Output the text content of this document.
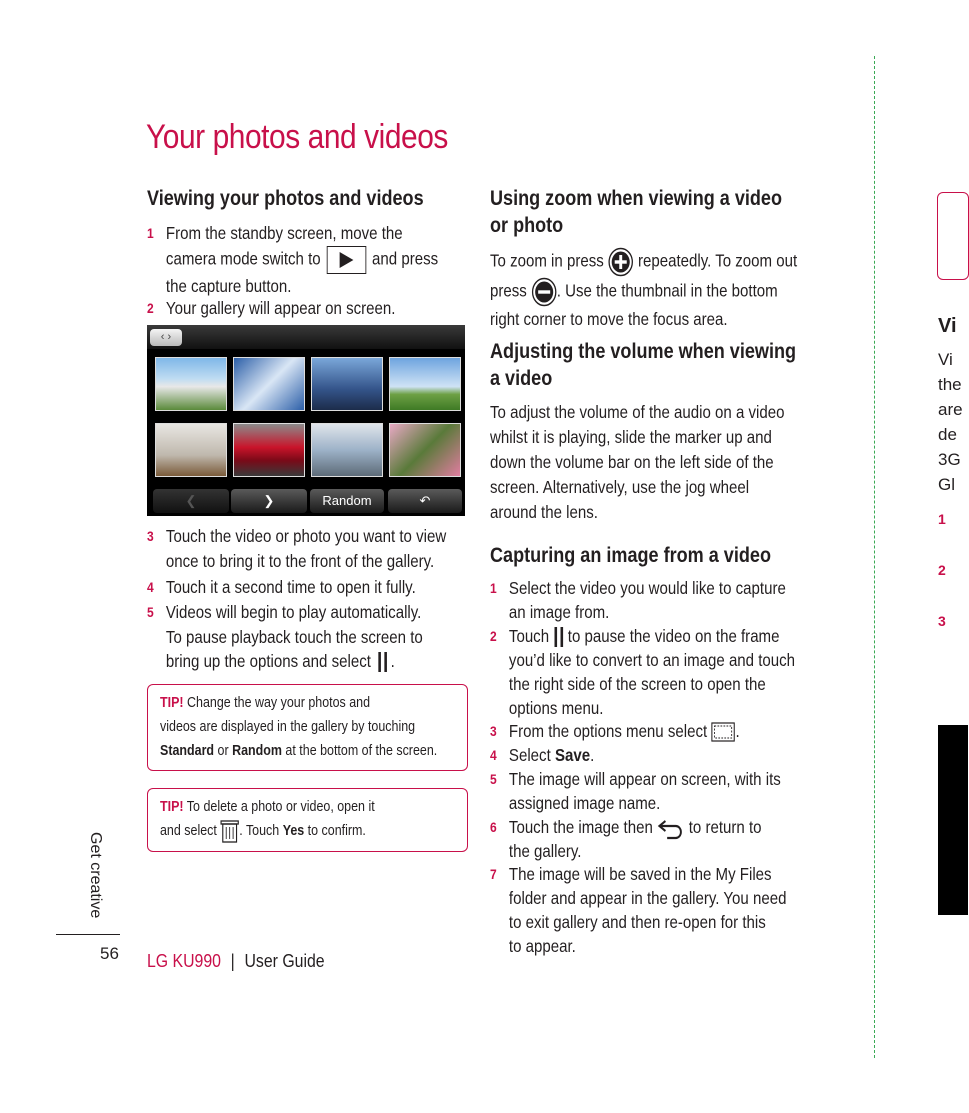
Your photos and videos
Viewing your photos and videos
1 From the standby screen, move the
camera mode switch to	and press
the capture button.
2 Your gallery will appear on screen.
‹ ›
❮	❯	Random	↶
3 Touch the video or photo you want to view
once to bring it to the front of the gallery.
4 Touch it a second time to open it fully.
5 Videos will begin to play automatically.
To pause playback touch the screen to
bring up the options and select .
TIP! Change the way your photos and
videos are displayed in the gallery by touching
Standard or Random at the bottom of the screen.
TIP! To delete a photo or video, open it
and select . Touch Yes to confirm.
Using zoom when viewing a video
or photo
To zoom in press repeatedly. To zoom out
press . Use the thumbnail in the bottom
right corner to move the focus area.
Adjusting the volume when viewing
a video
To adjust the volume of the audio on a video
whilst it is playing, slide the marker up and
down the volume bar on the left side of the
screen. Alternatively, use the jog wheel
around the lens.
Capturing an image from a video
1 Select the video you would like to capture
an image from.
2 Touch to pause the video on the frame
you’d like to convert to an image and touch
the right side of the screen to open the
options menu.
3 From the options menu select .
4 Select Save.
5 The image will appear on screen, with its
assigned image name.
6 Touch the image then to return to
the gallery.
7 The image will be saved in the My Files
folder and appear in the gallery. You need
to exit gallery and then re-open for this
to appear.
Get creative
56 LG KU990 | User Guide
Vi
Vi
the
are
de
3G
Gl
1
2
3
